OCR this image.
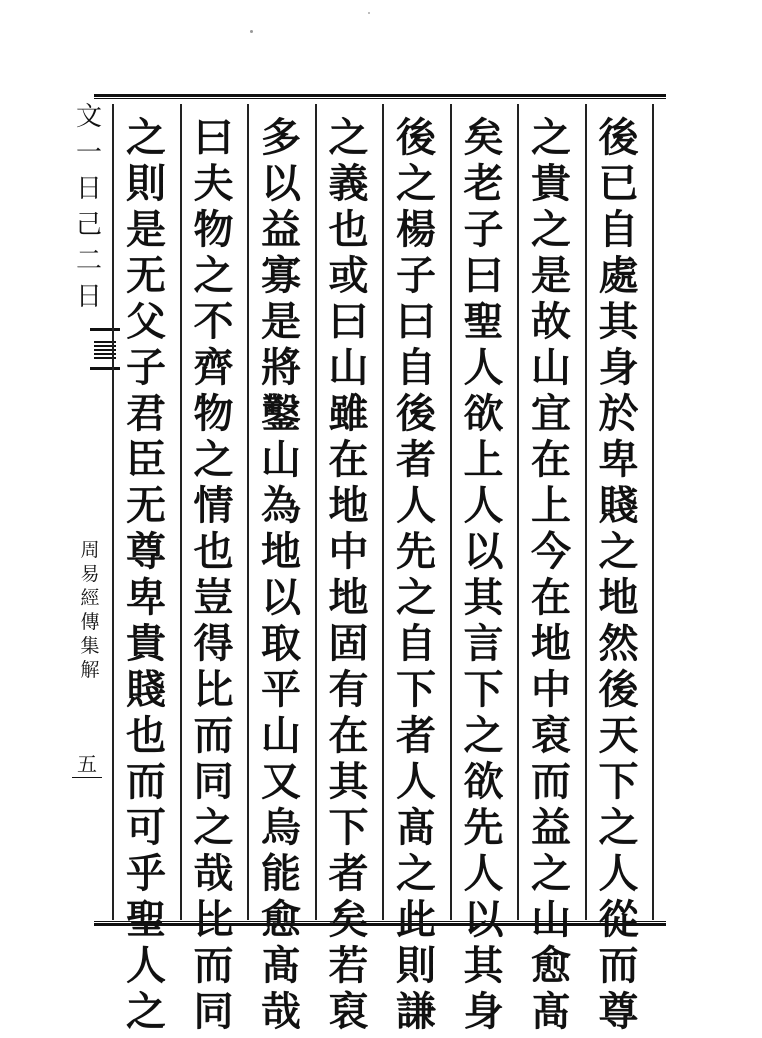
文
一
日
己
二
日
周
易
經
傳
集
解
五
後
已
自
處
其
身
於
卑
賤
之
地
然
後
天
下
之
人
從
而
尊
之
貴
之
是
故
山
宜
在
上
今
在
地
中
裒
而
益
之
山
愈
髙
矣
老
子
曰
聖
人
欲
上
人
以
其
言
下
之
欲
先
人
以
其
身
後
之
楊
子
曰
自
後
者
人
先
之
自
下
者
人
髙
之
此
則
謙
之
義
也
或
曰
山
雖
在
地
中
地
固
有
在
其
下
者
矣
若
裒
多
以
益
寡
是
將
鑿
山
為
地
以
取
平
山
又
烏
能
愈
髙
哉
曰
夫
物
之
不
齊
物
之
情
也
豈
得
比
而
同
之
哉
比
而
同
之
則
是
无
父
子
君
臣
无
尊
卑
貴
賤
也
而
可
乎
聖
人
之
